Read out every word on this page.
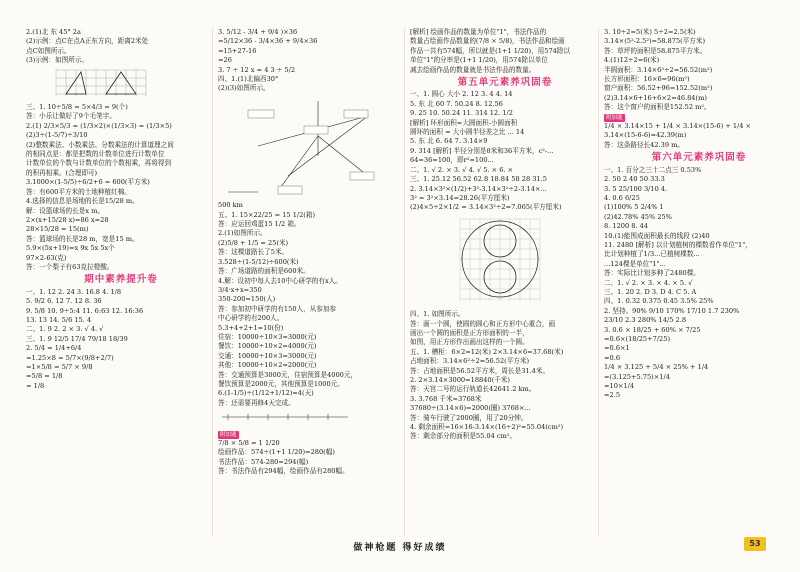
2.(1)北 东 45° 2a
(2)示例：点C在点A正东方向，距离2米处
点C如图所示。
(3)示例：如图所示。
三、1. 10÷5/8 = 5×4/3 = 9(个)
答：小乐让做好了9个毛笔字。
2.(1) 2/3×5/3 = (1/3×2)×(1/3×3) = (1/3×5)
(2)3÷(1-5/7)÷3/10
(2)整数乘法、小数乘法、分数乘法的计算道理之间
的相同点是：都是把数的计数单位进行计数单位
计数单位的个数与计数单位的个数相乘，再将得到
的积再相乘。(合理即可)
3.1000×(1-5/5)÷6/2+6 = 600(平方米)
答：有600平方米的土地种植红棉。
4.选择的信息是场地的长是15/28 m。
解：设篮球场的长是x m。
2×(x+15/28 x)=86 x=28
28×15/28 = 15(m)
答：篮球场的长是28 m，宽是15 m。
5.9×(5x+19)=x 9x 5x 5x个
97×2-63(克)
答：一个梨子有63克拉橙酸。
期中素养提升卷
一、1. 12 2. 24 3. 16.8 4. 1/8
5. 9/2 6. 12 7. 12 8. 36
9. 5/8 10. 9÷5:4 11. 6:63 12. 16:36
13. 13 14. 5/6 15. 4
二、1. 9 2. 2 × 3. √ 4. √
三、1. 9 12/5 17/4 79/18 18/39
2. 5/4 = 1/4+6/4
=1.25×8 = 5/7×(9/8+2/7)
=1×5/8 = 5/7 × 9/8
=5/8 = 1/8
= 1/8
3. 5/12 - 3/4 + 9/4 )×36
=5/12×36 - 3/4×36 + 9/4×36
=15+27-16
=26
3. 7 ÷ 12 x = 4 3 ÷ 5/2
四、1.(1)北偏西30°
(2)(3)如图所示。
500 km
五、1. 15×22/25 = 15 1/2(箱)
答：应运回鸡蛋15 1/2 箱。
2.(1)如图所示。
(2)5/8 + 1/5 = 25(米)
答：这棵道路长了5米。
3.528÷(1-5/12)÷600(米)
答：广场道路的面积是600米。
4.解：设初中每人去10中心研学的有x人。
3/4·x+x=350
350-200=150(人)
答：参加初中研学的有150人，从参加参
中心研学的有200人。
5.3+4+2+1=10(份)
住宿：10000÷10×3=3000(元)
餐饮：10000÷10×2=4000(元)
交通：10000÷10×3=3000(元)
其他：10000÷10×2=2000(元)
答：交通预算是3000元，住宿预算是4000元，
餐饮预算是2000元，其他预算是1000元。
6.(1-1/5)÷(1/12+1/12)=4(天)
答：还需要再修4天完成。
附加题
7/8 × 5/8 = 1 1/20
绘画作品：574÷(1+1 1/20)=280(幅)
书法作品：574-280=294(幅)
答：书法作品有294幅，绘画作品有280幅。
[解析] 绘画作品的数量为单位"1"，书法作品的
数量占绘画作品数量的(7/8 × 5/8)，书法作品和绘画
作品一共有574幅，所以就是(1+1 1/20)，用574除以
单位"1"的分率是(1+1 1/20)，用574除以单位
减去绘画作品的数量就是书法作品的数量。
第五单元素养巩固卷
一、1. 圆心 大小 2. 12 3. 4 4. 14
5. 东 北 60 7. 50.24 8. 12.56
9. 25 10. 50.24 11. 314 12. 1/2
[解析] 环形面积=大圆面积-小圆面积
圆环的面积 = 大小圆半径差之比 ... 14
5. 东 北 6. 64 7. 3.14×9
9. 314 [解析] 半径分别是8米和36平方米，c²-...
64=36=100，即r²=100...
二、1. √ 2. × 3. √ 4. √ 5. × 6. ×
三、1. 25.12 56.52 62.8 18.84 58 28 31.5
2. 3.14×3²×(1/2)+3²-3.14×3²÷2-3.14×...
3² = 3²×3.14=28.26(平方厘米)
(2)4×5÷2×1/2 = 3.14×3²÷2=7.065(平方厘米)
四、1. 如图所示。
答：画一个圆，使圆的圆心和正方形中心重合，画
画出一个圆的面积是正方形面积的一半，
如图，用正方形作出画出这样的一个圆。
五、1. 槽柜：6×2=12(米) 2×3.14×6=37.68(米)
占地面积：3.14×6²÷2=56.52(平方米)
答：占地面积是56.52平方米，周长是31.4米。
2. 2×3.14×3000=18840(千米)
答：天宫二号的运行轨道长42641.2 km。
3. 3.768 千米=3768米
37680÷(3.14×6)=2000(圈) 3768×...
答：骑车行驶了2000圈，用了20分钟。
4. 剩余面积=16×16-3.14×(16÷2)²=55.04(cm²)
答：剩余部分的面积是55.04 cm²。
3. 10÷2=5(米) 5÷2=2.5(米)
3.14×(5²-2.5²)=58.875(平方米)
答：草坪的面积是58.875平方米。
4.(1)12÷2=6(米)
半圆面积：3.14×6²÷2=56.52(m²)
长方形面积：16×6=96(m²)
窗户面积：56.52+96=152.52(m²)
(2)3.14×6+16+6×2=46.84(m)
答：这个窗户的面积是152.52 m²。
附加题
1/4 × 3.14×15 + 1/4 × 3.14×(15-6) + 1/4 ×
3.14×(15-6-6)=42.39(m)
答：这条路径长42.39 m。
第六单元素养巩固卷
一、1. 百分之三十二点三 0.53%
2. 50 2 40 50 33.3
3. 5 25/100 3/10 4.
4. 0.6 6/25
(1)100% 5 2/4% 1
(2)42.78% 45% 25%
8. 1200 8. 44
10.(1)能围成面积最长的线段 (2)40
11. 2480 [解析] 以计划植树的棵数看作单位"1"，
比计划种植了1/3...已植树棵数...
...124棵是单位"1"...
答：实际比计划多种了2480棵。
二、1. √ 2. × 3. × 4. × 5. √
三、1. 20 2. D 3. D 4. C 5. A
四、1. 0.32 0.375 0.45 3.5% 25%
2. 坚持。90% 9/10 170% 17/10 1.7 230%
23/10 2.3 280% 14/5 2.8
3. 0.6 × 18/25 + 60% × 7/25
=0.6×(18/25+7/25)
=0.6×1
=0.6
1/4 × 3.125 + 5/4 × 25% + 1/4
=(3.125+5.75)×1/4
=10×1/4
=2.5
做神枪题 得好成绩	53
